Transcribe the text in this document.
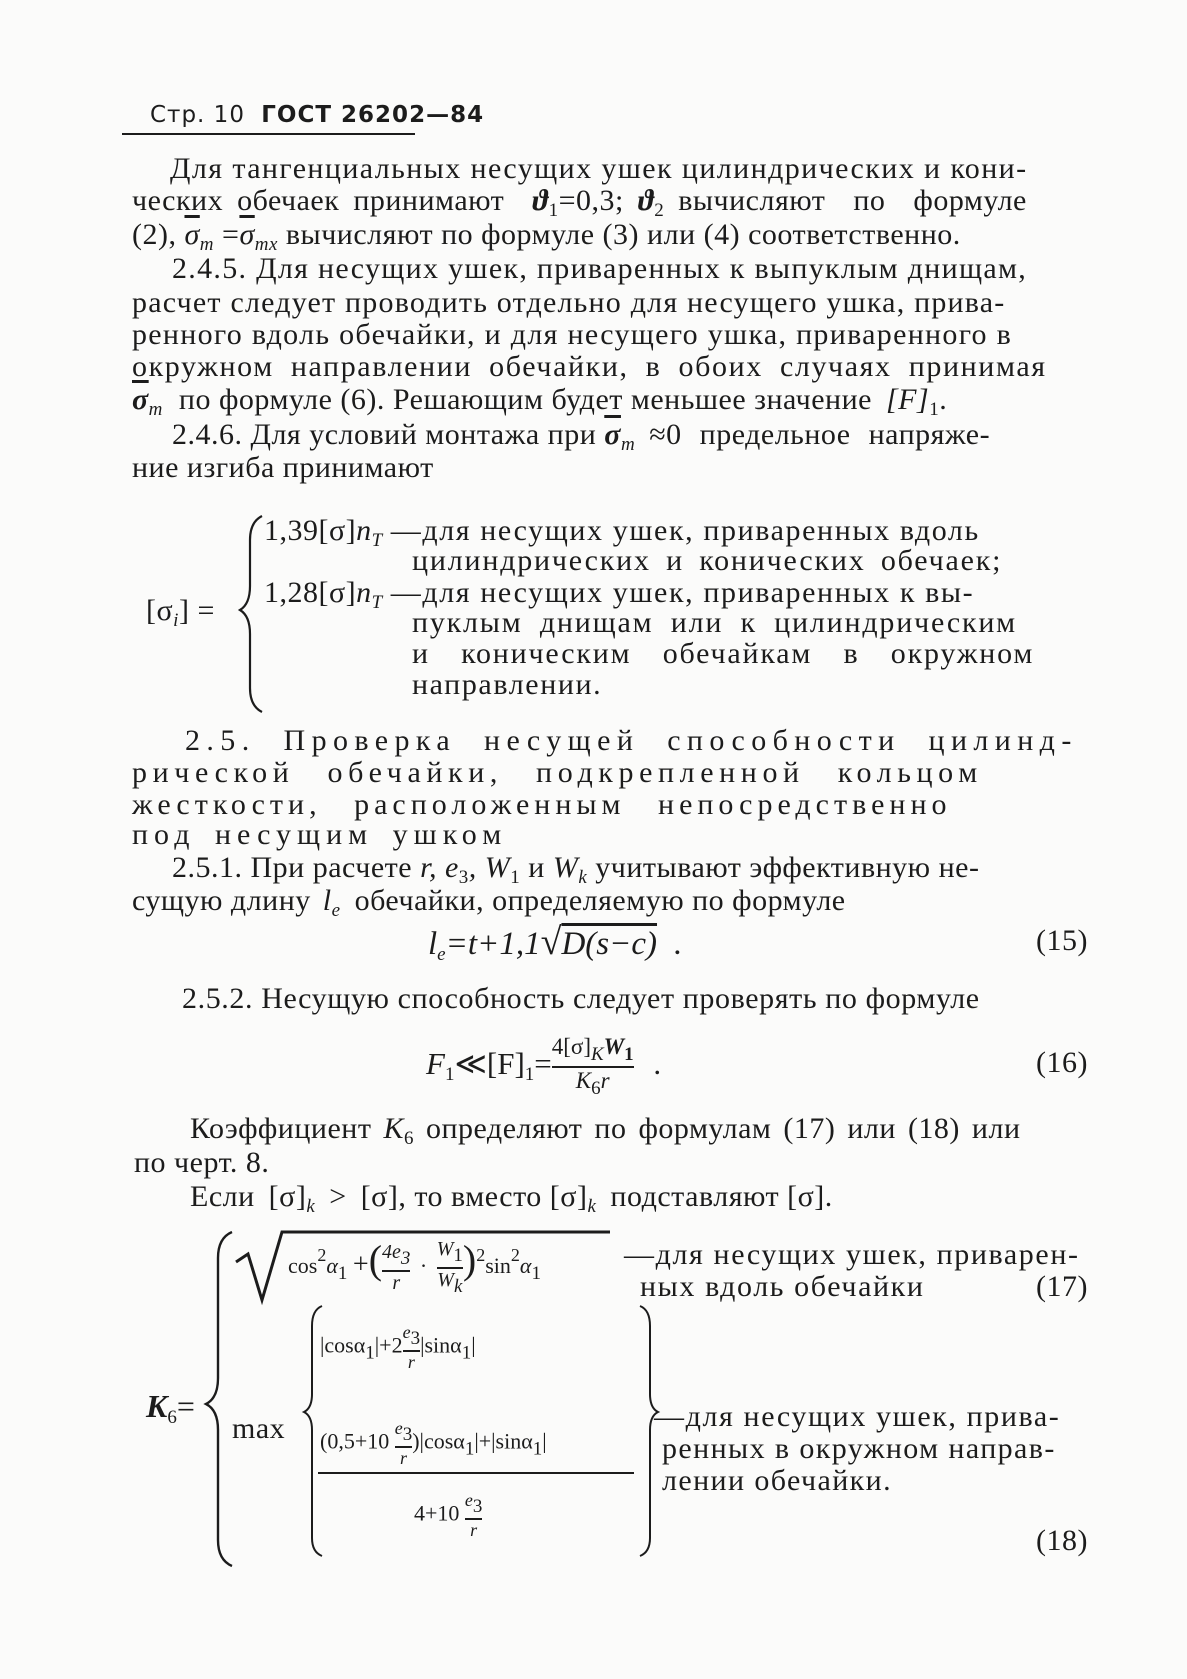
Стр. 10 ГОСТ 26202—84
Для тангенциальных несущих ушек цилиндрических и кони-
ческих обечаек принимают $ϑ_1=0,3$; $ϑ_2$ вычисляют по формуле
(2), $\overline{\sigma}_m =\overline{\sigma}_{mx}$ вычисляют по формуле (3) или (4) соответственно.
2.4.5. Для несущих ушек, приваренных к выпуклым днищам,
расчет следует проводить отдельно для несущего ушка, прива-
ренного вдоль обечайки, и для несущего ушка, приваренного в
окружном направлении обечайки, в обоих случаях принимая
$\overline{\sigma}_m$ по формуле (6). Решающим будет меньшее значение $[F]_1$.
2.4.6. Для условий монтажа при $\overline{\sigma}_m \approx 0$ предельное напряже-
ние изгиба принимают
$[\sigma_i]$ =
$1,39[\sigma]n_T$ —для несущих ушек, приваренных вдоль
цилиндрических и конических обечаек;
$1,28[\sigma]n_T$ —для несущих ушек, приваренных к вы-
пуклым днищам или к цилиндрическим
и коническим обечайкам в окружном
направлении.
2.5. Проверка несущей способности цилинд-
рической обечайки, подкрепленной кольцом
жесткости, расположенным непосредственно
под несущим ушком
2.5.1. При расчете r, $e_3$, $W_1$ и $W_k$ учитывают эффективную не-
сущую длину $l_e$ обечайки, определяемую по формуле
$l_e=t+1,1√D(s-c)$ .	(15)
2.5.2. Несущую способность следует проверять по формуле
$F_1≪[F]_1= \frac{4[\sigma]_KW_1}{K_6r}$ .	(16)
Коэффициент $K_6$ определяют по формулам (17) или (18) или
по черт. 8.
Если $[\sigma]_k > [\sigma]$, то вместо $[\sigma]_k$ подставляют [σ].
$\cos^2\alpha 1$ +( $\frac{4e3}{r} \cdot \frac{W1}{Wk} )^2\sin^2\alpha 1$
—для несущих ушек, приварен-
ных вдоль обечайки	(17)
$K_6=$
max
$|\cos\alpha 1|+2 \frac{e3}{r} |\sin\alpha 1|$
$(0,5+10 \frac{e3}{r} )|\cos\alpha 1|+|\sin\alpha 1|$
$4+10 \frac{e3}{r}$
—для несущих ушек, прива-
ренных в окружном направ-
лении обечайки.
(18)
